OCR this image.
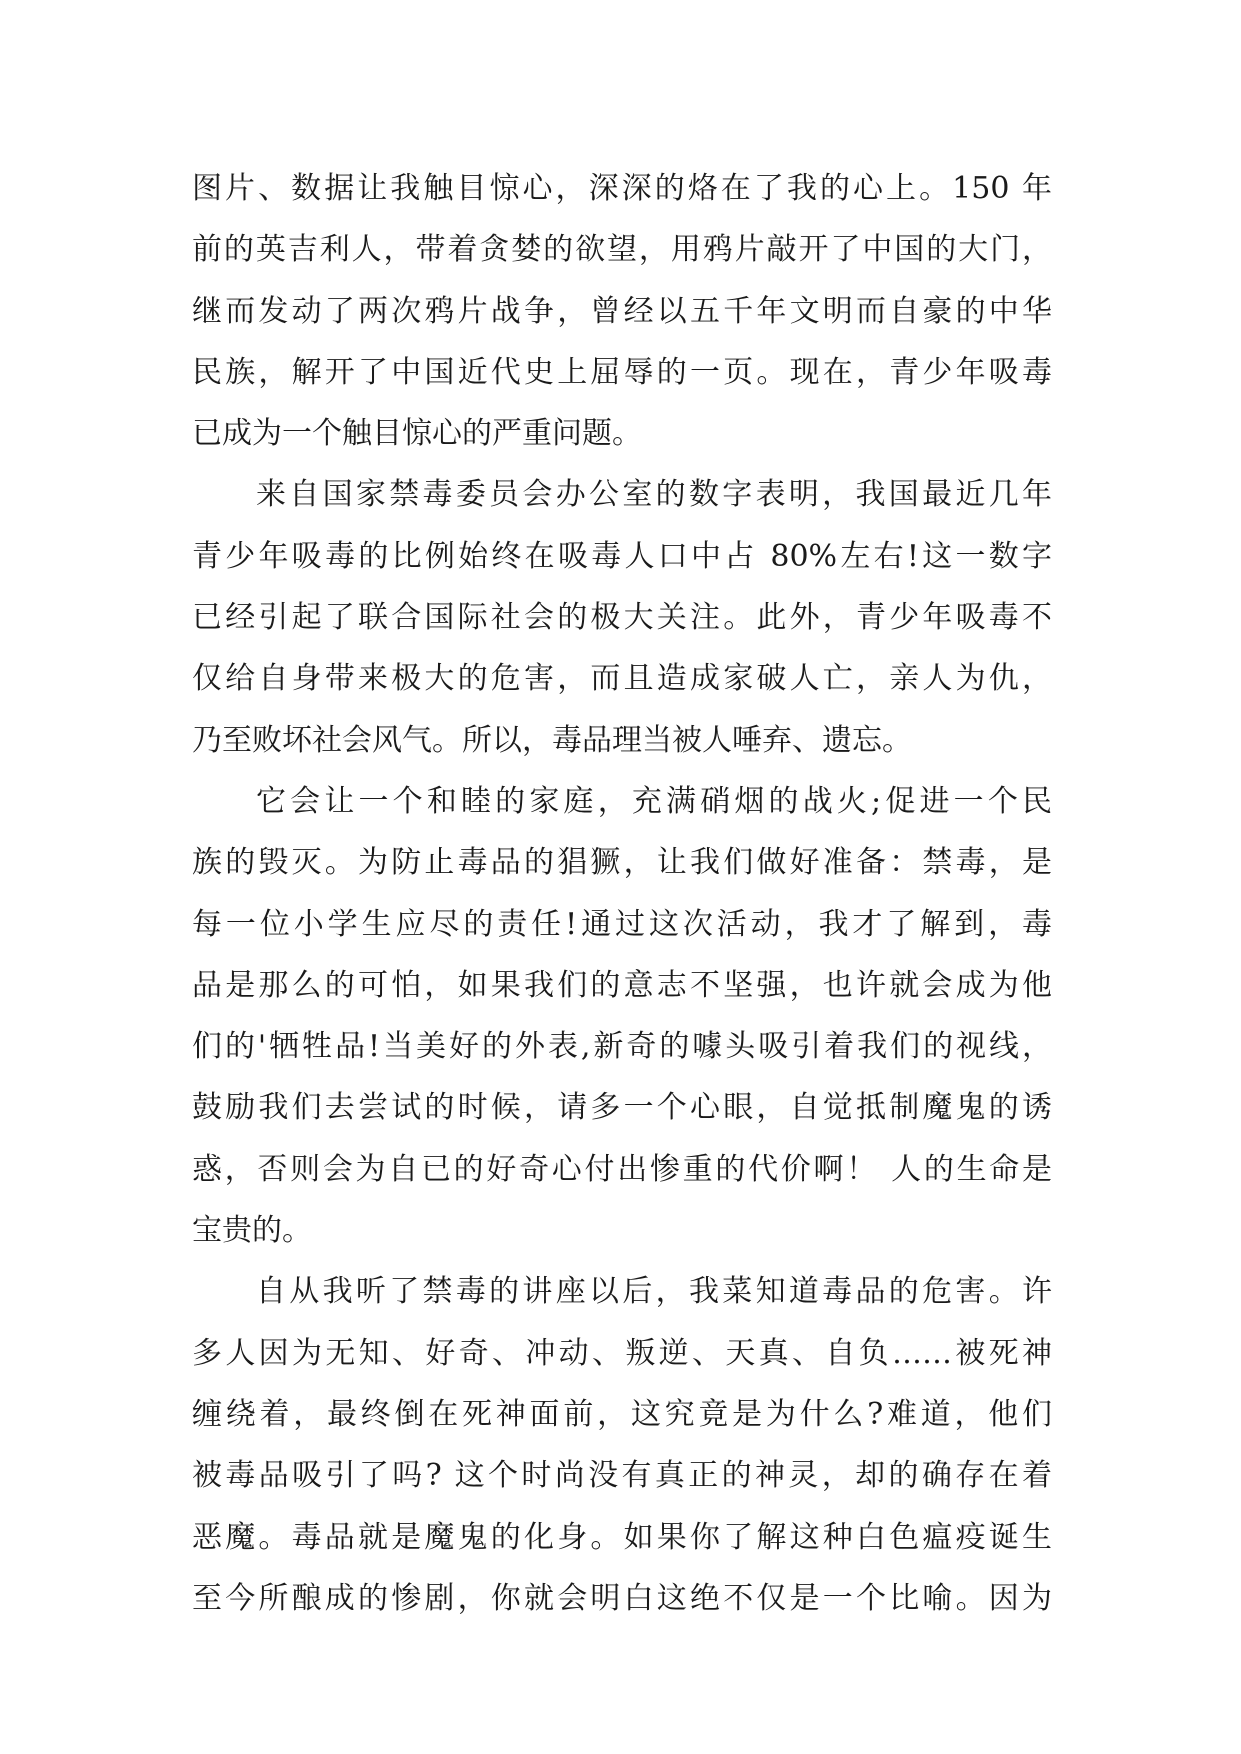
图片、数据让我触目惊心，深深的烙在了我的心上。150 年
前的英吉利人，带着贪婪的欲望，用鸦片敲开了中国的大门，
继而发动了两次鸦片战争，曾经以五千年文明而自豪的中华
民族，解开了中国近代史上屈辱的一页。现在，青少年吸毒
已成为一个触目惊心的严重问题。
来自国家禁毒委员会办公室的数字表明，我国最近几年
青少年吸毒的比例始终在吸毒人口中占 80%左右!这一数字
已经引起了联合国际社会的极大关注。此外，青少年吸毒不
仅给自身带来极大的危害，而且造成家破人亡，亲人为仇，
乃至败坏社会风气。所以，毒品理当被人唾弃、遗忘。
它会让一个和睦的家庭，充满硝烟的战火;促进一个民
族的毁灭。为防止毒品的猖獗，让我们做好准备：禁毒，是
每一位小学生应尽的责任!通过这次活动，我才了解到，毒
品是那么的可怕，如果我们的意志不坚强，也许就会成为他
们的'牺牲品!当美好的外表,新奇的噱头吸引着我们的视线，
鼓励我们去尝试的时候，请多一个心眼，自觉抵制魔鬼的诱
惑，否则会为自已的好奇心付出惨重的代价啊！ 人的生命是
宝贵的。
自从我听了禁毒的讲座以后，我菜知道毒品的危害。许
多人因为无知、好奇、冲动、叛逆、天真、自负……被死神
缠绕着，最终倒在死神面前，这究竟是为什么?难道，他们
被毒品吸引了吗? 这个时尚没有真正的神灵，却的确存在着
恶魔。毒品就是魔鬼的化身。如果你了解这种白色瘟疫诞生
至今所酿成的惨剧，你就会明白这绝不仅是一个比喻。因为
